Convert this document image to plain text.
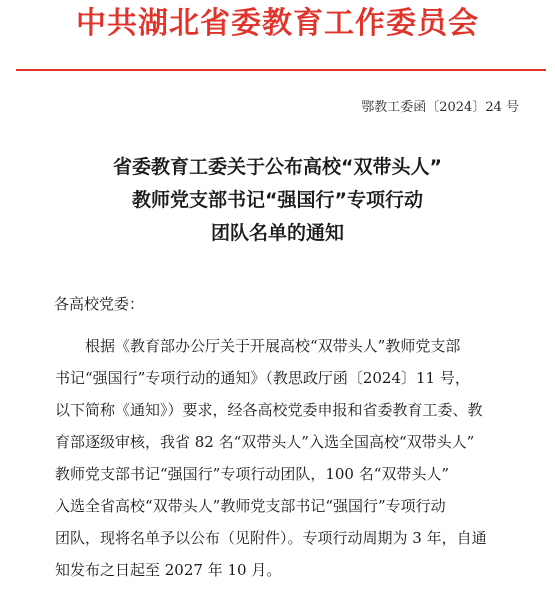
中共湖北省委教育工作委员会
鄂教工委函〔2024〕24 号
省委教育工委关于公布高校“双带头人”
教师党支部书记“强国行”专项行动
团队名单的通知
各高校党委：
根据《教育部办公厅关于开展高校“双带头人”教师党支部
书记“强国行”专项行动的通知》（教思政厅函〔2024〕11 号，
以下简称《通知》）要求，经各高校党委申报和省委教育工委、教
育部逐级审核，我省 82 名“双带头人”入选全国高校“双带头人”
教师党支部书记“强国行”专项行动团队，100 名“双带头人”
入选全省高校“双带头人”教师党支部书记“强国行”专项行动
团队，现将名单予以公布（见附件）。专项行动周期为 3 年，自通
知发布之日起至 2027 年 10 月。
